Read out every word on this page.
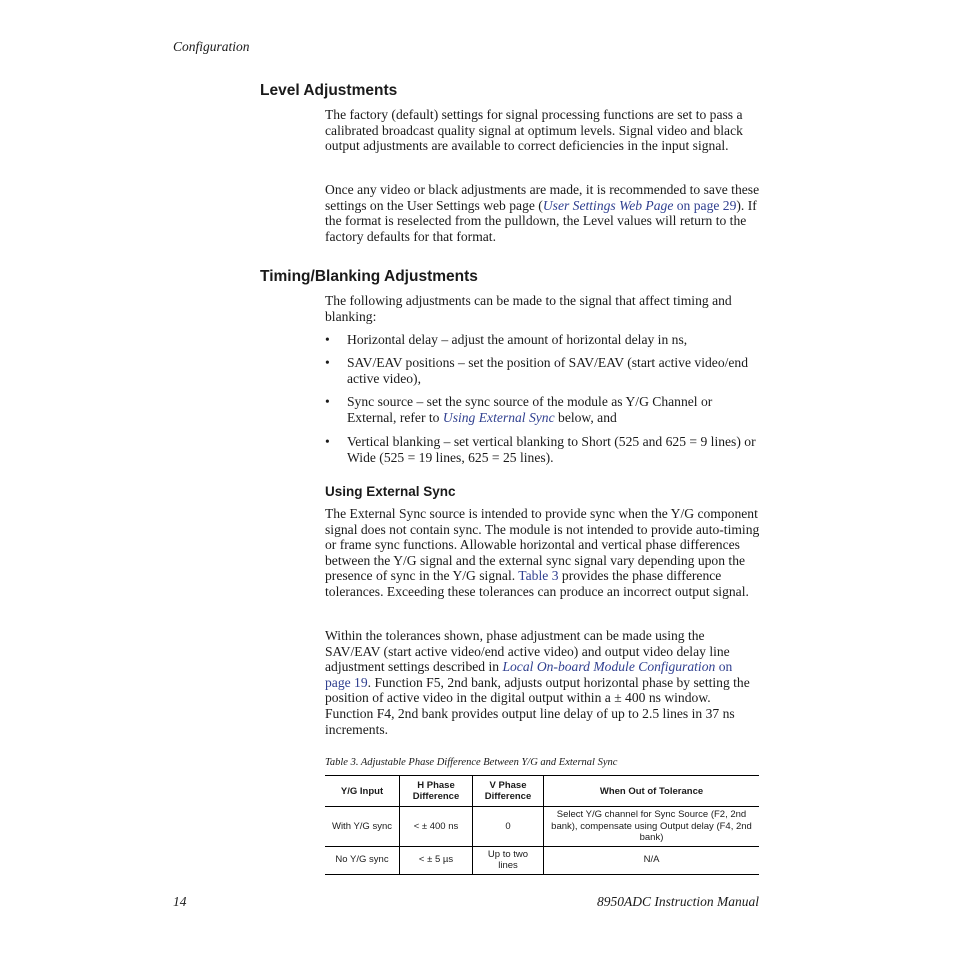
Configuration
Level Adjustments
The factory (default) settings for signal processing functions are set to pass a calibrated broadcast quality signal at optimum levels. Signal video and black output adjustments are available to correct deficiencies in the input signal.
Once any video or black adjustments are made, it is recommended to save these settings on the User Settings web page (User Settings Web Page on page 29). If the format is reselected from the pulldown, the Level values will return to the factory defaults for that format.
Timing/Blanking Adjustments
The following adjustments can be made to the signal that affect timing and blanking:
• Horizontal delay – adjust the amount of horizontal delay in ns,
• SAV/EAV positions – set the position of SAV/EAV (start active video/end active video),
• Sync source – set the sync source of the module as Y/G Channel or External, refer to Using External Sync below, and
• Vertical blanking – set vertical blanking to Short (525 and 625 = 9 lines) or Wide (525 = 19 lines, 625 = 25 lines).
Using External Sync
The External Sync source is intended to provide sync when the Y/G component signal does not contain sync. The module is not intended to provide auto-timing or frame sync functions. Allowable horizontal and vertical phase differences between the Y/G signal and the external sync signal vary depending upon the presence of sync in the Y/G signal. Table 3 provides the phase difference tolerances. Exceeding these tolerances can produce an incorrect output signal.
Within the tolerances shown, phase adjustment can be made using the SAV/EAV (start active video/end active video) and output video delay line adjustment settings described in Local On-board Module Configuration on page 19. Function F5, 2nd bank, adjusts output horizontal phase by setting the position of active video in the digital output within a ± 400 ns window. Function F4, 2nd bank provides output line delay of up to 2.5 lines in 37 ns increments.
Table 3. Adjustable Phase Difference Between Y/G and External Sync
Y/G Input	H Phase Difference	V Phase Difference	When Out of Tolerance
With Y/G sync	< ± 400 ns	0	Select Y/G channel for Sync Source (F2, 2nd bank), compensate using Output delay (F4, 2nd bank)
No Y/G sync	< ± 5 µs	Up to two lines	N/A
14	8950ADC Instruction Manual
